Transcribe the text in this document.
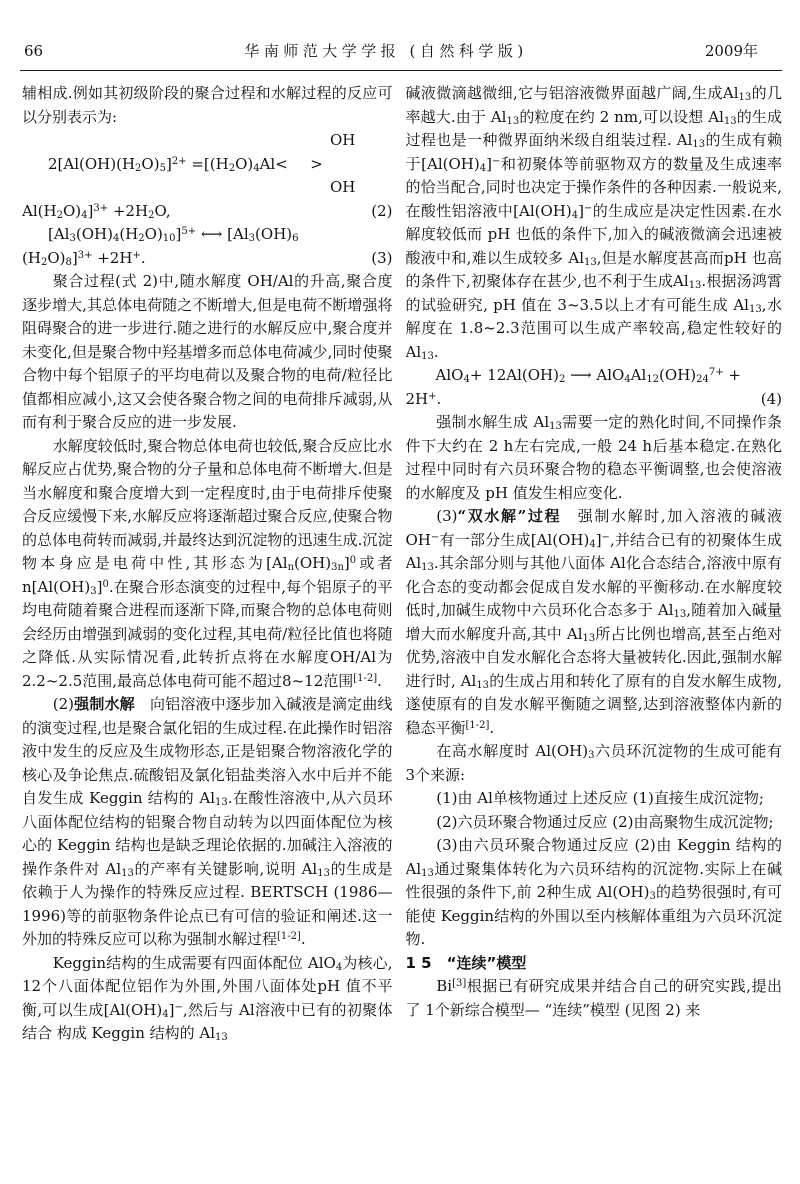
66	华南师范大学学报 (自然科学版)	2009年
辅相成.例如其初级阶段的聚合过程和水解过程的反应可以分别表示为:
OH
$2[Al(OH)(H_2O)_5]^{2+} =[(H_2O)_4Al<$  >
OH
$Al(H_2O)_4]^{3+} +2H_2O$,	(2)
$[Al_3(OH)_4(H_2O)_{10}]^{5+}$ ⟷ [$Al_3(OH)_6$
$(H_2O)_8]^{3+} +2H^+$.	(3)
聚合过程(式 2)中,随水解度 OH/Al的升高,聚合度逐步增大,其总体电荷随之不断增大,但是电荷不断增强将阻碍聚合的进一步进行.随之进行的水解反应中,聚合度并未变化,但是聚合物中羟基增多而总体电荷减少,同时使聚合物中每个铝原子的平均电荷以及聚合物的电荷/粒径比值都相应减小,这又会使各聚合物之间的电荷排斥减弱,从而有利于聚合反应的进一步发展.
水解度较低时,聚合物总体电荷也较低,聚合反应比水解反应占优势,聚合物的分子量和总体电荷不断增大.但是当水解度和聚合度增大到一定程度时,由于电荷排斥使聚合反应缓慢下来,水解反应将逐渐超过聚合反应,使聚合物的总体电荷转而减弱,并最终达到沉淀物的迅速生成.沉淀物本身应是电荷中性,其形态为$[Al_n(OH)_{3n}]^0$或者 $n[Al(OH)_3]^0$.在聚合形态演变的过程中,每个铝原子的平均电荷随着聚合进程而逐渐下降,而聚合物的总体电荷则会经历由增强到减弱的变化过程,其电荷/粒径比值也将随之降低.从实际情况看,此转折点将在水解度OH/Al为 2.2~2.5范围,最高总体电荷可能不超过8~12范围[1-2].
(2)强制水解　向铝溶液中逐步加入碱液是滴定曲线的演变过程,也是聚合氯化铝的生成过程.在此操作时铝溶液中发生的反应及生成物形态,正是铝聚合物溶液化学的核心及争论焦点.硫酸铝及氯化铝盐类溶入水中后并不能自发生成 Keggin 结构的 $Al_{13}$.在酸性溶液中,从六员环八面体配位结构的铝聚合物自动转为以四面体配位为核心的 Keggin 结构也是缺乏理论依据的.加碱注入溶液的操作条件对 $Al_{13}$的产率有关键影响,说明 $Al_{13}$的生成是依赖于人为操作的特殊反应过程. BERTSCH (1986—1996)等的前驱物条件论点已有可信的验证和阐述.这一外加的特殊反应可以称为强制水解过程[1-2].
Keggin结构的生成需要有四面体配位 AlO$_4$为核心, 12个八面体配位铝作为外围,外围八面体处pH 值不平衡,可以生成$[Al(OH)_4]^-$,然后与 Al溶液中已有的初聚体结合 构成 Keggin 结构的 $Al_{13}$
碱液微滴越微细,它与铝溶液微界面越广阔,生成$Al_{13}$的几率越大.由于 $Al_{13}$的粒度在约 2 nm,可以设想 $Al_{13}$的生成过程也是一种微界面纳米级自组装过程. $Al_{13}$的生成有赖于$[Al(OH)_4]^-$和初聚体等前驱物双方的数量及生成速率的恰当配合,同时也决定于操作条件的各种因素.一般说来,在酸性铝溶液中$[Al(OH)_4]^-$的生成应是决定性因素.在水解度较低而 pH 也低的条件下,加入的碱液微滴会迅速被酸液中和,难以生成较多 $Al_{13}$,但是水解度甚高而pH 也高的条件下,初聚体存在甚少,也不利于生成$Al_{13}$.根据汤鸿霄的试验研究, pH 值在 3~3.5以上才有可能生成 $Al_{13}$,水解度在 1.8~2.3范围可以生成产率较高,稳定性较好的 $Al_{13}$.
$AlO_4+ 12Al(OH)_2$ ⟶ $AlO_4Al_{12}(OH)_{24}^{7+}$ +
2H+.	(4)
强制水解生成 $Al_{13}$需要一定的熟化时间,不同操作条件下大约在 2 h左右完成,一般 24 h后基本稳定.在熟化过程中同时有六员环聚合物的稳态平衡调整,也会使溶液的水解度及 pH 值发生相应变化.
(3)“双水解”过程　强制水解时,加入溶液的碱液 OH−有一部分生成$[Al(OH)_4]^-$,并结合已有的初聚体生成 $Al_{13}$.其余部分则与其他八面体 Al化合态结合,溶液中原有化合态的变动都会促成自发水解的平衡移动.在水解度较低时,加碱生成物中六员环化合态多于 $Al_{13}$,随着加入碱量增大而水解度升高,其中 $Al_{13}$所占比例也增高,甚至占绝对优势,溶液中自发水解化合态将大量被转化.因此,强制水解进行时, $Al_{13}$的生成占用和转化了原有的自发水解生成物,遂使原有的自发水解平衡随之调整,达到溶液整体内新的稳态平衡[1-2].
在高水解度时 $Al(OH)_3$六员环沉淀物的生成可能有 3个来源:
(1)由 Al单核物通过上述反应 (1)直接生成沉淀物;
(2)六员环聚合物通过反应 (2)由高聚物生成沉淀物;
(3)由六员环聚合物通过反应 (2)由 Keggin 结构的 $Al_{13}$通过聚集体转化为六员环结构的沉淀物.实际上在碱性很强的条件下,前 2种生成 $Al(OH)_3$的趋势很强时,有可能使 Keggin结构的外围以至内核解体重组为六员环沉淀物.
1 5　“连续”模型
Bi[3]根据已有研究成果并结合自己的研究实践,提出了 1个新综合模型— “连续”模型 (见图 2) 来
